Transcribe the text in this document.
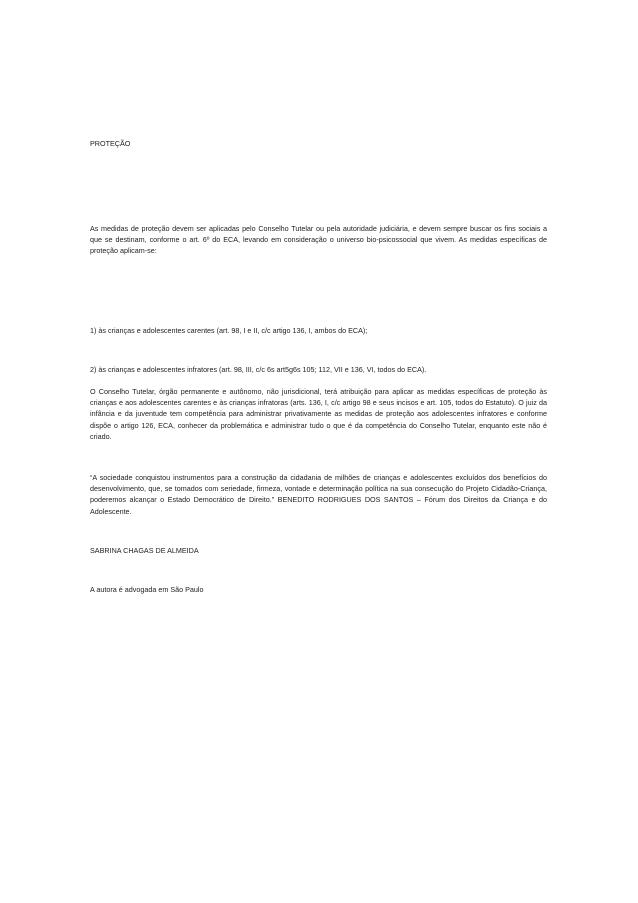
PROTEÇÃO

As medidas de proteção devem ser aplicadas pelo Conselho Tutelar ou pela autoridade judiciária, e devem sempre buscar os fins sociais a que se destinam, conforme o art. 6º do ECA, levando em consideração o universo bio-psicossocial que vivem. As medidas específicas de proteção aplicam-se:

1) às crianças e adolescentes carentes (art. 98, I e II, c/c artigo 136, I, ambos do ECA);

2) às crianças e adolescentes infratores (art. 98, III, c/c 6s art5g6s 105; 112, VII e 136, VI, todos do ECA).

O Conselho Tutelar, órgão permanente e autônomo, não jurisdicional, terá atribuição para aplicar as medidas específicas de proteção às crianças e aos adolescentes carentes e às crianças infratoras (arts. 136, I, c/c artigo 98 e seus incisos e art. 105, todos do Estatuto). O juiz da infância e da juventude tem competência para administrar privativamente as medidas de proteção aos adolescentes infratores e conforme dispõe o artigo 126, ECA, conhecer da problemática e administrar tudo o que é da competência do Conselho Tutelar, enquanto este não é criado.

“A sociedade conquistou instrumentos para a construção da cidadania de milhões de crianças e adolescentes excluídos dos benefícios do desenvolvimento, que, se tomados com seriedade, firmeza, vontade e determinação política na sua consecução do Projeto Cidadão-Criança, poderemos alcançar o Estado Democrático de Direito.” BENEDITO RODRIGUES DOS SANTOS – Fórum dos Direitos da Criança e do Adolescente.

SABRINA CHAGAS DE ALMEIDA

A autora é advogada em São Paulo
